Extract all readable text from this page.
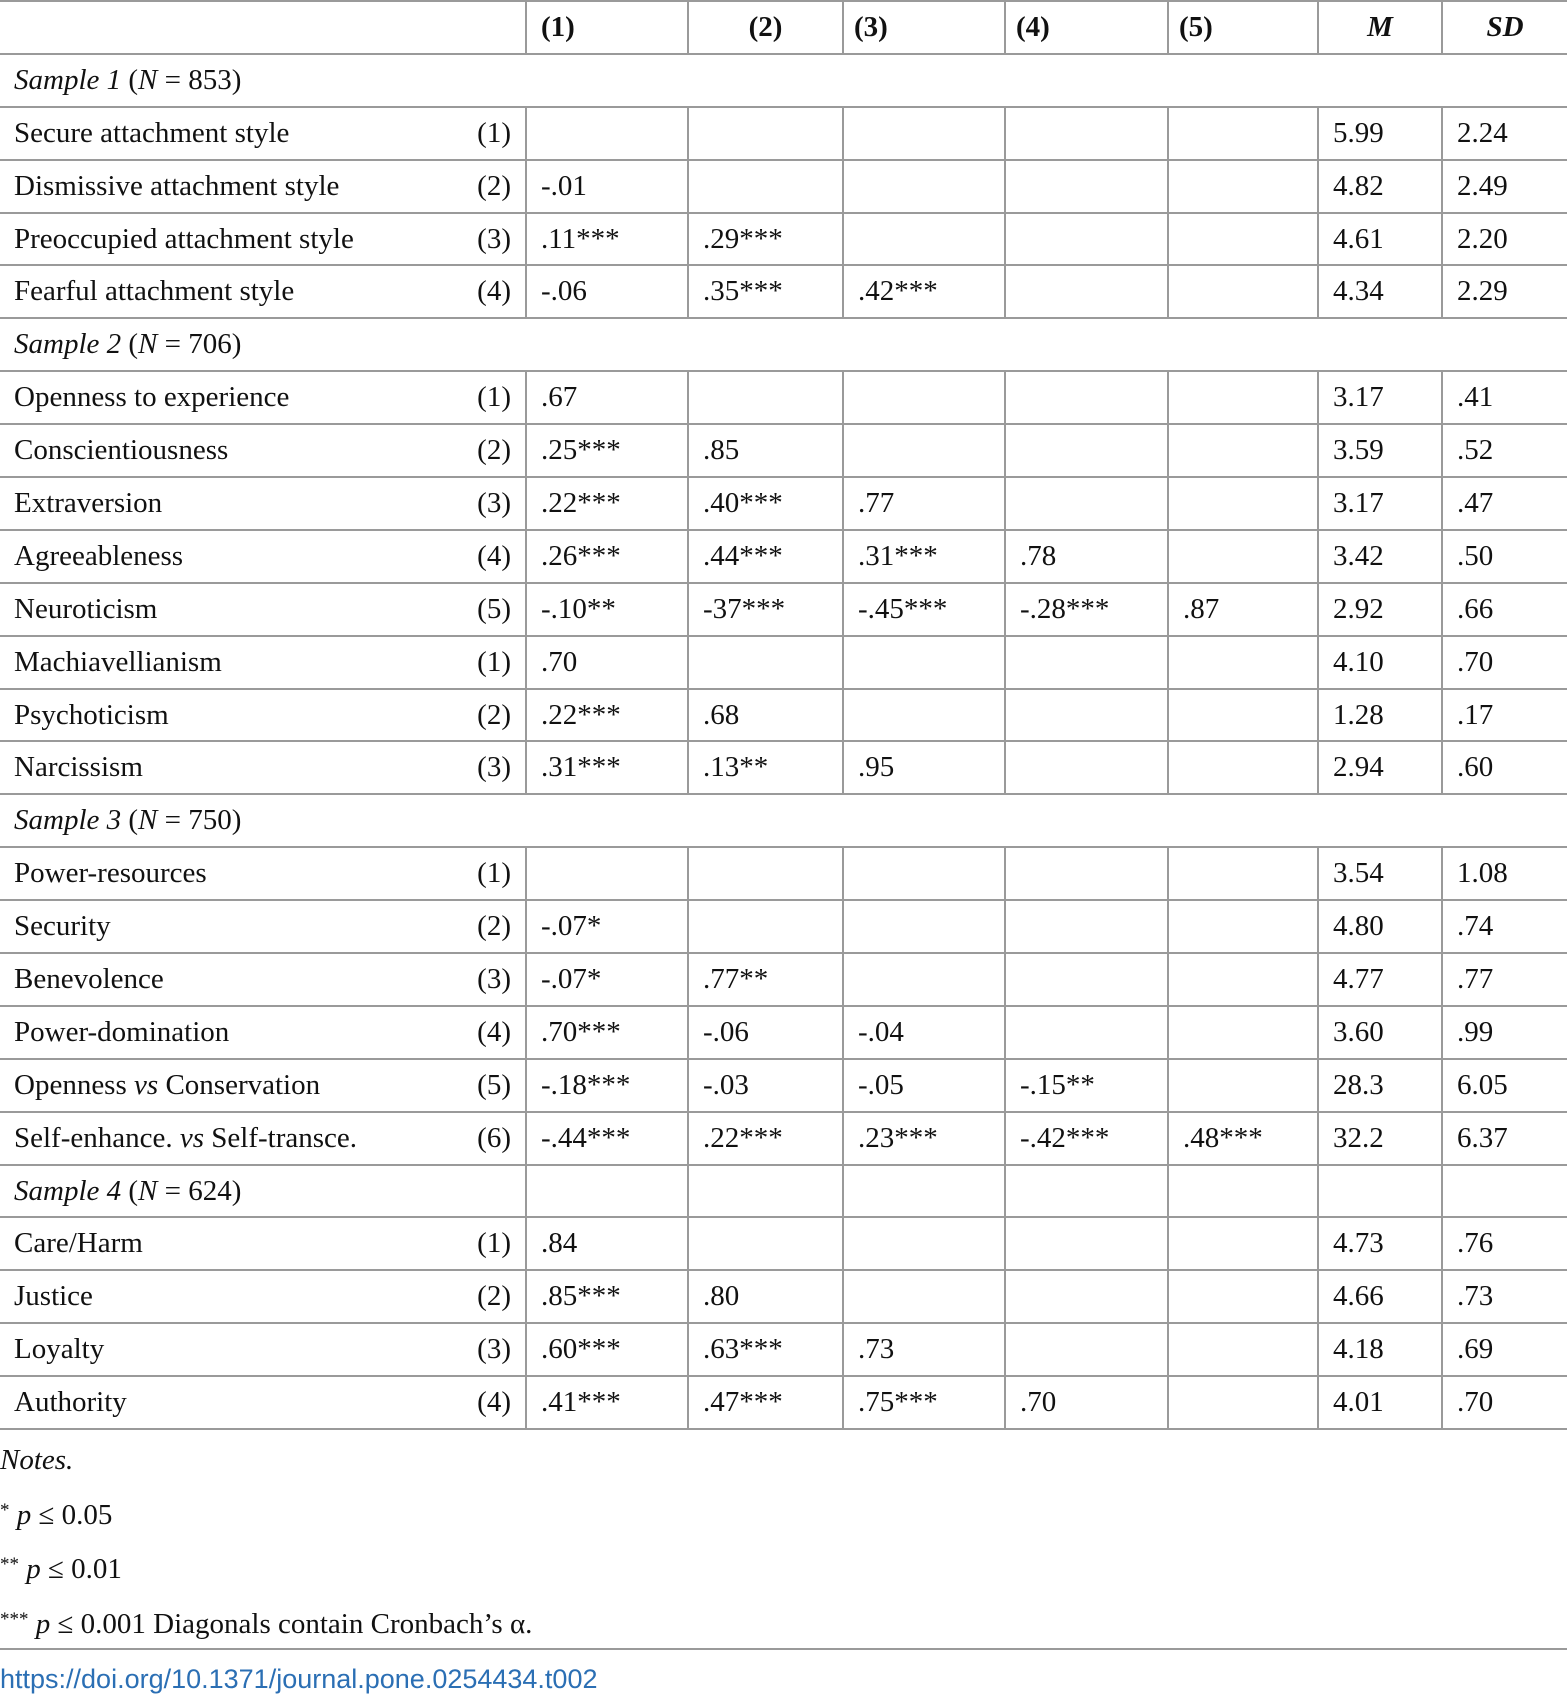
	(1)	(2)	(3)	(4)	(5)	M	SD
Sample 1 (N = 853)							
Secure attachment style (1)						5.99	2.24
Dismissive attachment style (2)	-.01					4.82	2.49
Preoccupied attachment style (3)	.11***	.29***				4.61	2.20
Fearful attachment style (4)	-.06	.35***	.42***			4.34	2.29
Sample 2 (N = 706)							
Openness to experience (1)	.67					3.17	.41
Conscientiousness (2)	.25***	.85				3.59	.52
Extraversion (3)	.22***	.40***	.77			3.17	.47
Agreeableness (4)	.26***	.44***	.31***	.78		3.42	.50
Neuroticism (5)	-.10**	-37***	-.45***	-.28***	.87	2.92	.66
Machiavellianism (1)	.70					4.10	.70
Psychoticism (2)	.22***	.68				1.28	.17
Narcissism (3)	.31***	.13**	.95			2.94	.60
Sample 3 (N = 750)							
Power-resources (1)						3.54	1.08
Security (2)	-.07*					4.80	.74
Benevolence (3)	-.07*	.77**				4.77	.77
Power-domination (4)	.70***	-.06	-.04			3.60	.99
Openness vs Conservation (5)	-.18***	-.03	-.05	-.15**		28.3	6.05
Self-enhance. vs Self-transce. (6)	-.44***	.22***	.23***	-.42***	.48***	32.2	6.37
Sample 4 (N = 624)							
Care/Harm (1)	.84					4.73	.76
Justice (2)	.85***	.80				4.66	.73
Loyalty (3)	.60***	.63***	.73			4.18	.69
Authority (4)	.41***	.47***	.75***	.70		4.01	.70
Notes.
* p ≤ 0.05
** p ≤ 0.01
*** p ≤ 0.001 Diagonals contain Cronbach’s α.
https://doi.org/10.1371/journal.pone.0254434.t002
